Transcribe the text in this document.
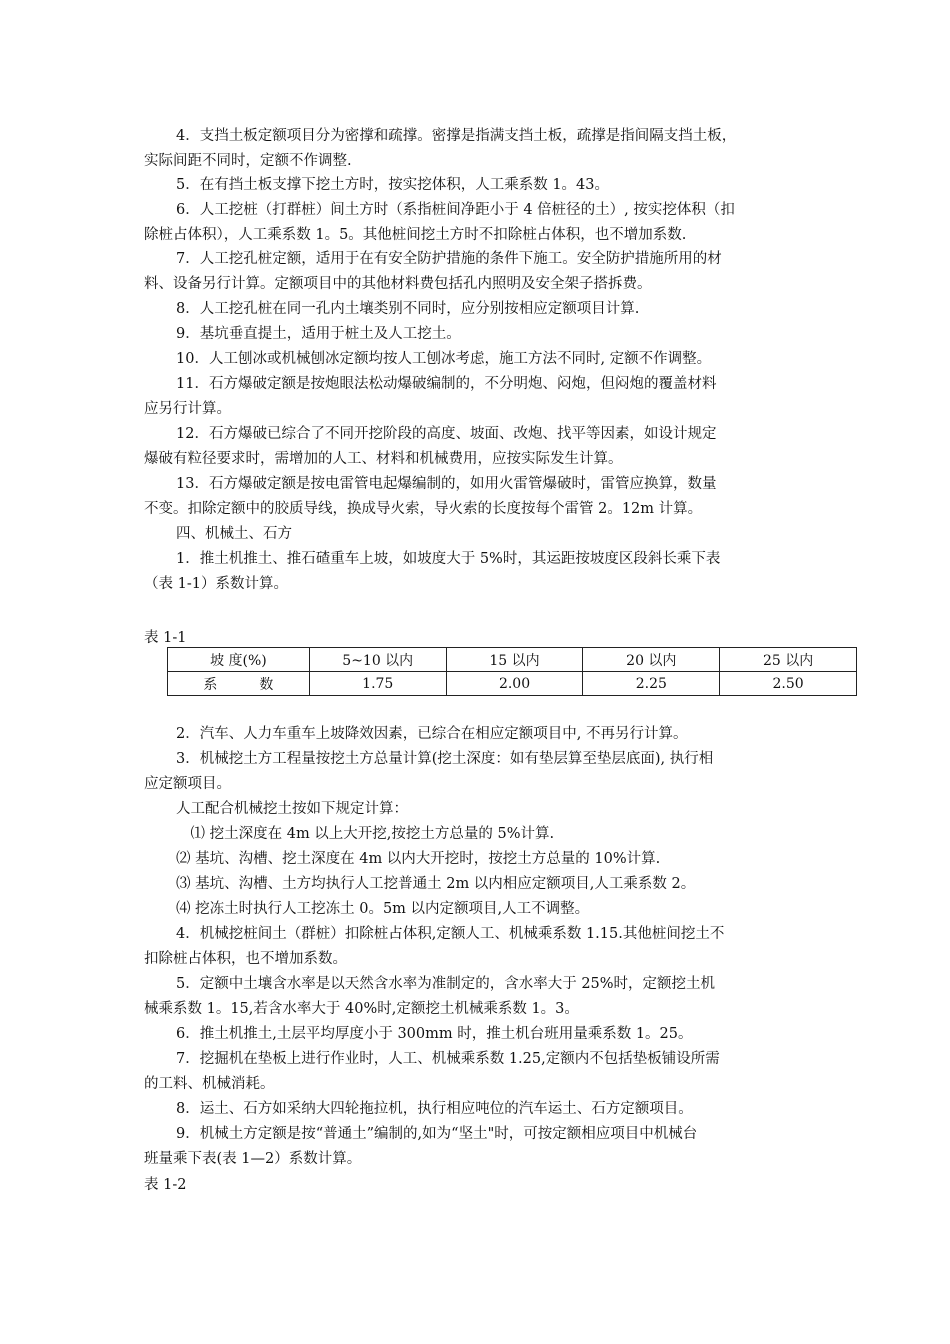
4．支挡土板定额项目分为密撑和疏撑。密撑是指满支挡土板，疏撑是指间隔支挡土板，
实际间距不同时，定额不作调整.

5．在有挡土板支撑下挖土方时，按实挖体积，人工乘系数 1。43。

6．人工挖桩（打群桩）间土方时（系指桩间净距小于 4 倍桩径的土）, 按实挖体积（扣
除桩占体积），人工乘系数 1。5。其他桩间挖土方时不扣除桩占体积，也不增加系数.

7．人工挖孔桩定额，适用于在有安全防护措施的条件下施工。安全防护措施所用的材
料、设备另行计算。定额项目中的其他材料费包括孔内照明及安全架子搭拆费。

8．人工挖孔桩在同一孔内土壤类别不同时，应分别按相应定额项目计算.

9．基坑垂直提土，适用于桩土及人工挖土。

10．人工刨冰或机械刨冰定额均按人工刨冰考虑，施工方法不同时, 定额不作调整。

11．石方爆破定额是按炮眼法松动爆破编制的，不分明炮、闷炮，但闷炮的覆盖材料
应另行计算。

12．石方爆破已综合了不同开挖阶段的高度、坡面、改炮、找平等因素，如设计规定
爆破有粒径要求时，需增加的人工、材料和机械费用，应按实际发生计算。

13．石方爆破定额是按电雷管电起爆编制的，如用火雷管爆破时，雷管应换算，数量
不变。扣除定额中的胶质导线，换成导火索，导火索的长度按每个雷管 2。12m 计算。

四、机械土、石方

1．推土机推土、推石碴重车上坡，如坡度大于 5%时，其运距按坡度区段斜长乘下表
（表 1-1）系数计算。

表 1-1

坡 度(%)	5~10 以内	15 以内	20 以内	25 以内
系　　　数	1.75	2.00	2.25	2.50

2．汽车、人力车重车上坡降效因素，已综合在相应定额项目中, 不再另行计算。

3．机械挖土方工程量按挖土方总量计算(挖土深度：如有垫层算至垫层底面), 执行相
应定额项目。

人工配合机械挖土按如下规定计算：

　⑴ 挖土深度在 4m 以上大开挖,按挖土方总量的 5%计算.

⑵ 基坑、沟槽、挖土深度在 4m 以内大开挖时，按挖土方总量的 10%计算.

⑶ 基坑、沟槽、土方均执行人工挖普通土 2m 以内相应定额项目,人工乘系数 2。

⑷ 挖冻土时执行人工挖冻土 0。5m 以内定额项目,人工不调整。

4．机械挖桩间土（群桩）扣除桩占体积,定额人工、机械乘系数 1.15.其他桩间挖土不
扣除桩占体积，也不增加系数。

5．定额中土壤含水率是以天然含水率为准制定的，含水率大于 25%时，定额挖土机
械乘系数 1。15,若含水率大于 40%时,定额挖土机械乘系数 1。3。

6．推土机推土,土层平均厚度小于 300mm 时，推土机台班用量乘系数 1。25。

7．挖掘机在垫板上进行作业时，人工、机械乘系数 1.25,定额内不包括垫板铺设所需
的工料、机械消耗。

8．运土、石方如采纳大四轮拖拉机，执行相应吨位的汽车运土、石方定额项目。

9．机械土方定额是按“普通土”编制的,如为“坚土"时，可按定额相应项目中机械台
班量乘下表(表 1—2）系数计算。

表 1-2
